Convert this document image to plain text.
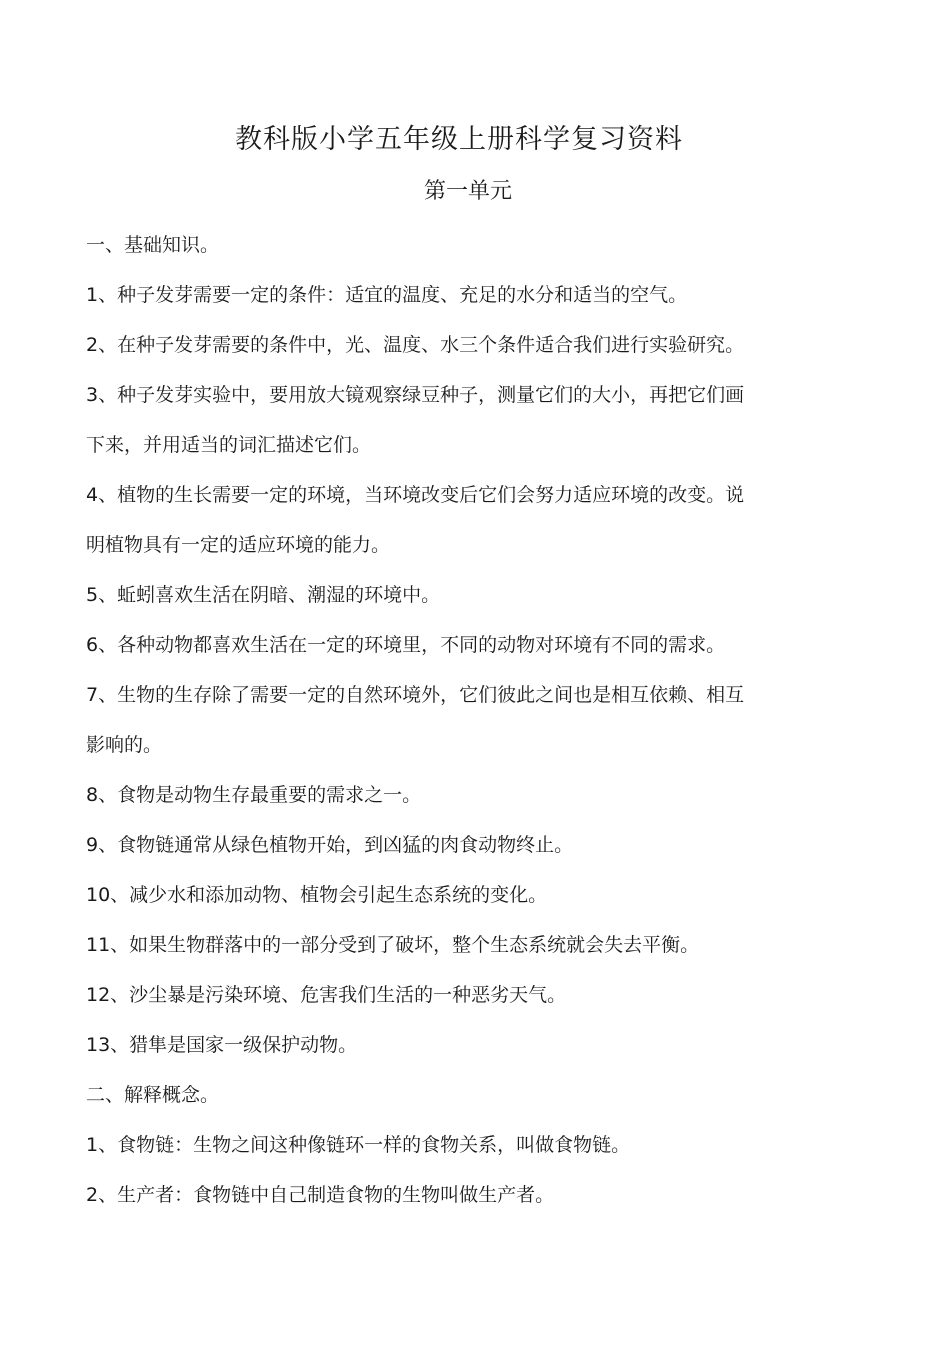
教科版小学五年级上册科学复习资料
第一单元

一、基础知识。

1、种子发芽需要一定的条件：适宜的温度、充足的水分和适当的空气。

2、在种子发芽需要的条件中，光、温度、水三个条件适合我们进行实验研究。

3、种子发芽实验中，要用放大镜观察绿豆种子，测量它们的大小，再把它们画

下来，并用适当的词汇描述它们。

4、植物的生长需要一定的环境，当环境改变后它们会努力适应环境的改变。说

明植物具有一定的适应环境的能力。

5、蚯蚓喜欢生活在阴暗、潮湿的环境中。

6、各种动物都喜欢生活在一定的环境里，不同的动物对环境有不同的需求。

7、生物的生存除了需要一定的自然环境外，它们彼此之间也是相互依赖、相互

影响的。

8、食物是动物生存最重要的需求之一。

9、食物链通常从绿色植物开始，到凶猛的肉食动物终止。

10、减少水和添加动物、植物会引起生态系统的变化。

11、如果生物群落中的一部分受到了破坏，整个生态系统就会失去平衡。

12、沙尘暴是污染环境、危害我们生活的一种恶劣天气。

13、猎隼是国家一级保护动物。

二、解释概念。

1、食物链：生物之间这种像链环一样的食物关系，叫做食物链。

2、生产者：食物链中自己制造食物的生物叫做生产者。
